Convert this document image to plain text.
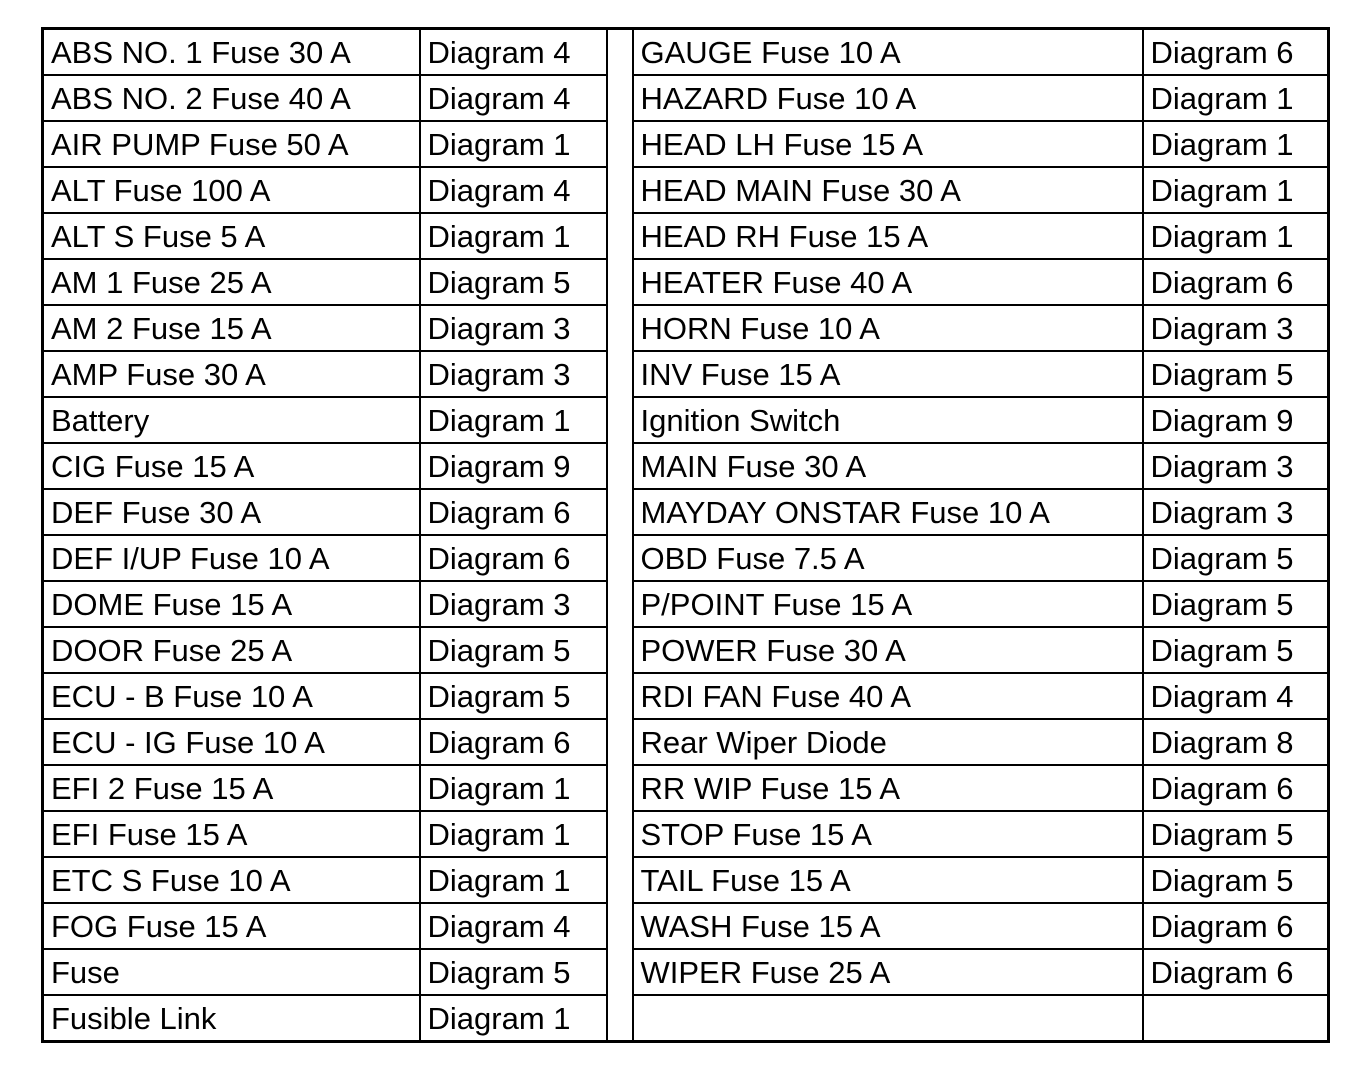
ABS NO. 1 Fuse 30 A	Diagram 4		GAUGE Fuse 10 A	Diagram 6
ABS NO. 2 Fuse 40 A	Diagram 4		HAZARD Fuse 10 A	Diagram 1
AIR PUMP Fuse 50 A	Diagram 1		HEAD LH Fuse 15 A	Diagram 1
ALT Fuse 100 A	Diagram 4		HEAD MAIN Fuse 30 A	Diagram 1
ALT S Fuse 5 A	Diagram 1		HEAD RH Fuse 15 A	Diagram 1
AM 1 Fuse 25 A	Diagram 5		HEATER Fuse 40 A	Diagram 6
AM 2 Fuse 15 A	Diagram 3		HORN Fuse 10 A	Diagram 3
AMP Fuse 30 A	Diagram 3		INV Fuse 15 A	Diagram 5
Battery	Diagram 1		Ignition Switch	Diagram 9
CIG Fuse 15 A	Diagram 9		MAIN Fuse 30 A	Diagram 3
DEF Fuse 30 A	Diagram 6		MAYDAY ONSTAR Fuse 10 A	Diagram 3
DEF I/UP Fuse 10 A	Diagram 6		OBD Fuse 7.5 A	Diagram 5
DOME Fuse 15 A	Diagram 3		P/POINT Fuse 15 A	Diagram 5
DOOR Fuse 25 A	Diagram 5		POWER Fuse 30 A	Diagram 5
ECU - B Fuse 10 A	Diagram 5		RDI FAN Fuse 40 A	Diagram 4
ECU - IG Fuse 10 A	Diagram 6		Rear Wiper Diode	Diagram 8
EFI 2 Fuse 15 A	Diagram 1		RR WIP Fuse 15 A	Diagram 6
EFI Fuse 15 A	Diagram 1		STOP Fuse 15 A	Diagram 5
ETC S Fuse 10 A	Diagram 1		TAIL Fuse 15 A	Diagram 5
FOG Fuse 15 A	Diagram 4		WASH Fuse 15 A	Diagram 6
Fuse	Diagram 5		WIPER Fuse 25 A	Diagram 6
Fusible Link	Diagram 1			
